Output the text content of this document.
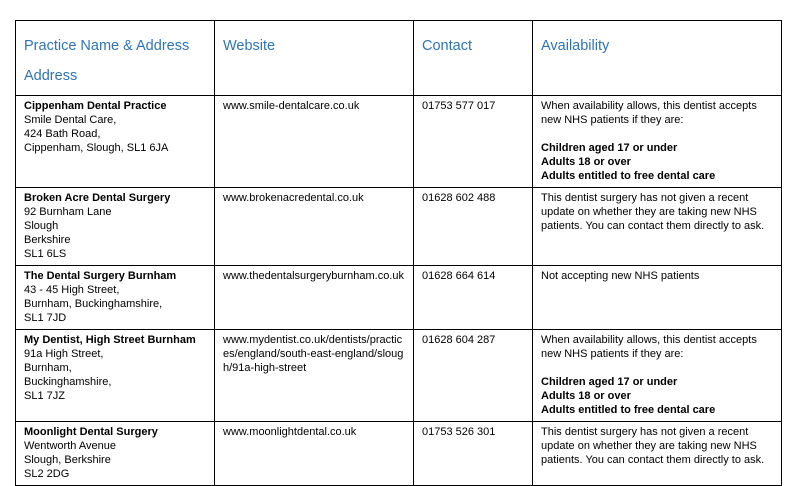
Practice Name & Address
Address	Website	Contact	Availability

Cippenham Dental Practice
Smile Dental Care,
424 Bath Road,
Cippenham, Slough, SL1 6JA	www.smile-dentalcare.co.uk	01753 577 017	When availability allows, this dentist accepts new NHS patients if they are:
Children aged 17 or under
Adults 18 or over
Adults entitled to free dental care

Broken Acre Dental Surgery
92 Burnham Lane
Slough
Berkshire
SL1 6LS	www.brokenacredental.co.uk	01628 602 488	This dentist surgery has not given a recent update on whether they are taking new NHS patients. You can contact them directly to ask.

The Dental Surgery Burnham
43 - 45 High Street,
Burnham, Buckinghamshire,
SL1 7JD	www.thedentalsurgeryburnham.co.uk	01628 664 614	Not accepting new NHS patients

My Dentist, High Street Burnham
91a High Street,
Burnham,
Buckinghamshire,
SL1 7JZ	www.mydentist.co.uk/dentists/practices/england/south-east-england/slough/91a-high-street	01628 604 287	When availability allows, this dentist accepts new NHS patients if they are:
Children aged 17 or under
Adults 18 or over
Adults entitled to free dental care

Moonlight Dental Surgery
Wentworth Avenue
Slough, Berkshire
SL2 2DG	www.moonlightdental.co.uk	01753 526 301	This dentist surgery has not given a recent update on whether they are taking new NHS patients. You can contact them directly to ask.
